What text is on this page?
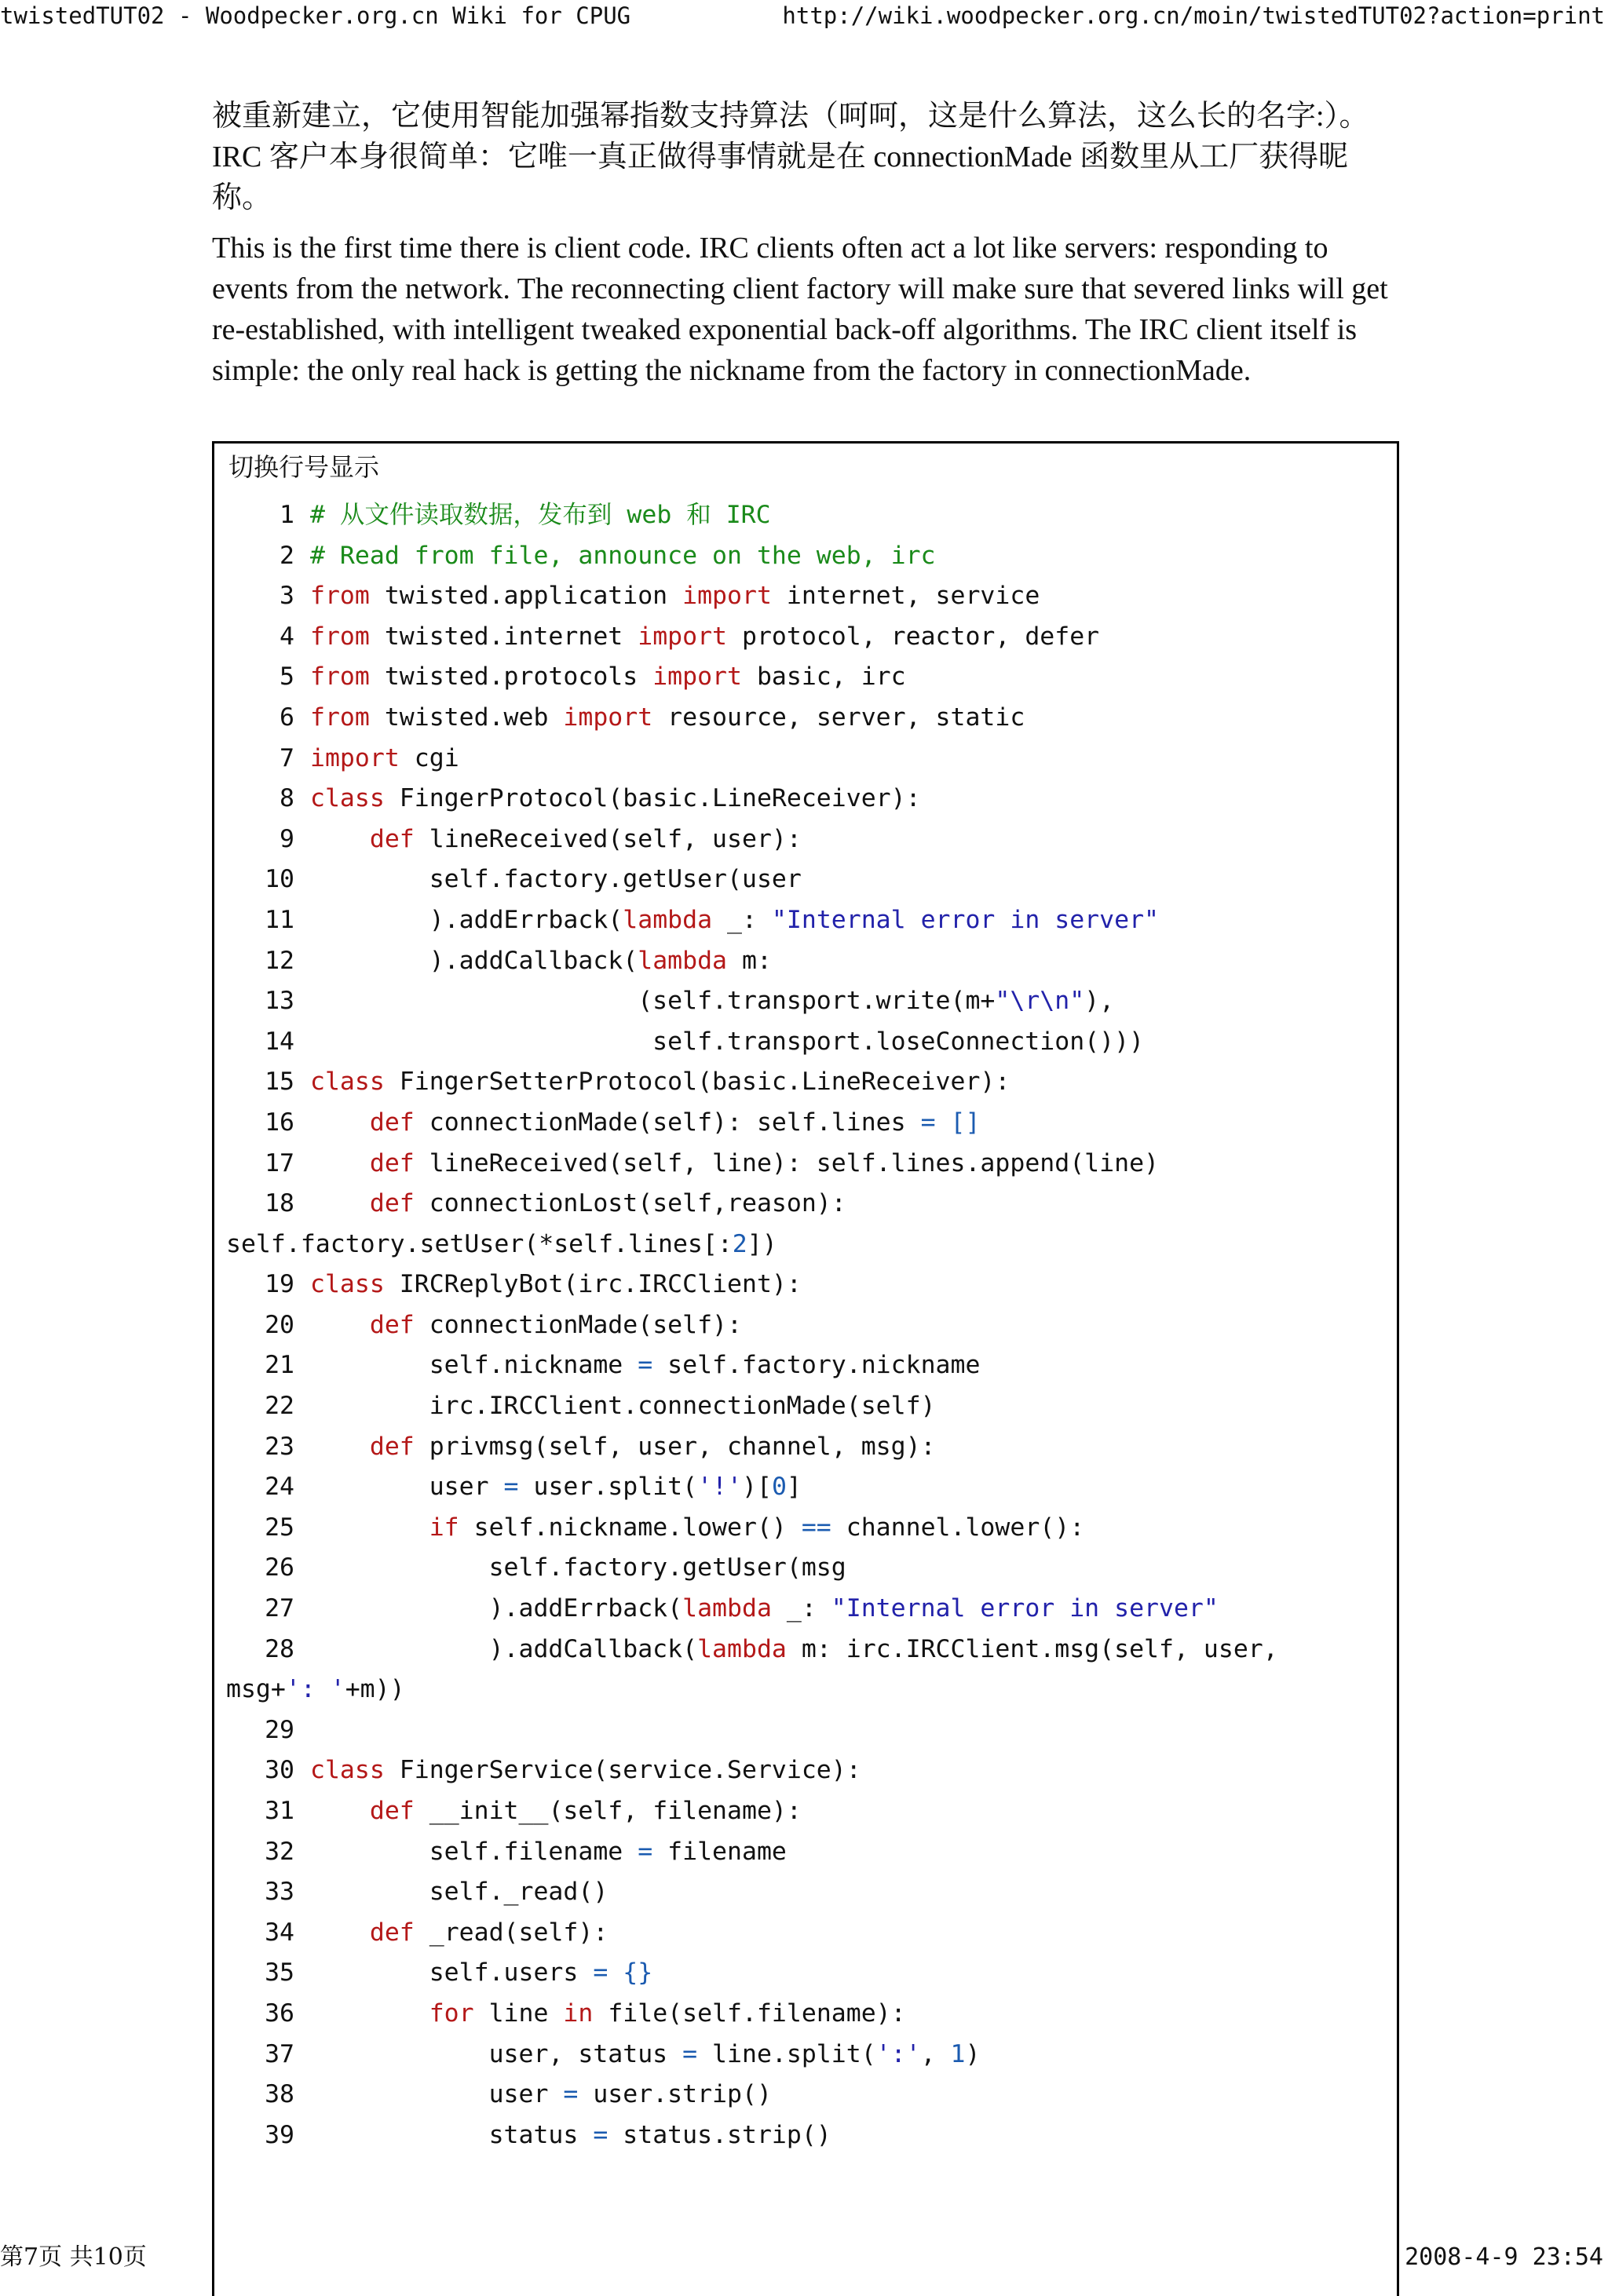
twistedTUT02 - Woodpecker.org.cn Wiki for CPUG	http://wiki.woodpecker.org.cn/moin/twistedTUT02?action=print
被重新建立，它使用智能加强幂指数支持算法（呵呵，这是什么算法，这么长的名字:）。IRC 客户本身很简单：它唯一真正做得事情就是在 connectionMade 函数里从工厂获得昵称。
This is the first time there is client code. IRC clients often act a lot like servers: responding to events from the network. The reconnecting client factory will make sure that severed links will get re-established, with intelligent tweaked exponential back-off algorithms. The IRC client itself is simple: the only real hack is getting the nickname from the factory in connectionMade.
切换行号显示
1 # 从文件读取数据，发布到 web 和 IRC
2 # Read from file, announce on the web, irc
3 from twisted.application import internet, service
4 from twisted.internet import protocol, reactor, defer
5 from twisted.protocols import basic, irc
6 from twisted.web import resource, server, static
7 import cgi
8 class FingerProtocol(basic.LineReceiver):
9	def lineReceived(self, user):
10        self.factory.getUser(user
11        ).addErrback(lambda _: "Internal error in server"
12        ).addCallback(lambda m:
13                      (self.transport.write(m+"\r\n"),
14                       self.transport.loseConnection()))
15 class FingerSetterProtocol(basic.LineReceiver):
16	def connectionMade(self): self.lines = []
17	def lineReceived(self, line): self.lines.append(line)
18	def connectionLost(self,reason):
self.factory.setUser(*self.lines[:2])
19 class IRCReplyBot(irc.IRCClient):
20	def connectionMade(self):
21        self.nickname = self.factory.nickname
22        irc.IRCClient.connectionMade(self)
23	def privmsg(self, user, channel, msg):
24        user = user.split('!')[0]
25	if self.nickname.lower() == channel.lower():
26            self.factory.getUser(msg
27            ).addErrback(lambda _: "Internal error in server"
28            ).addCallback(lambda m: irc.IRCClient.msg(self, user,
msg+': '+m))
29
30 class FingerService(service.Service):
31	def __init__(self, filename):
32        self.filename = filename
33        self._read()
34	def _read(self):
35        self.users = {}
36	for line in file(self.filename):
37            user, status = line.split(':', 1)
38            user = user.strip()
39            status = status.strip()
第7页 共10页	2008-4-9 23:54
